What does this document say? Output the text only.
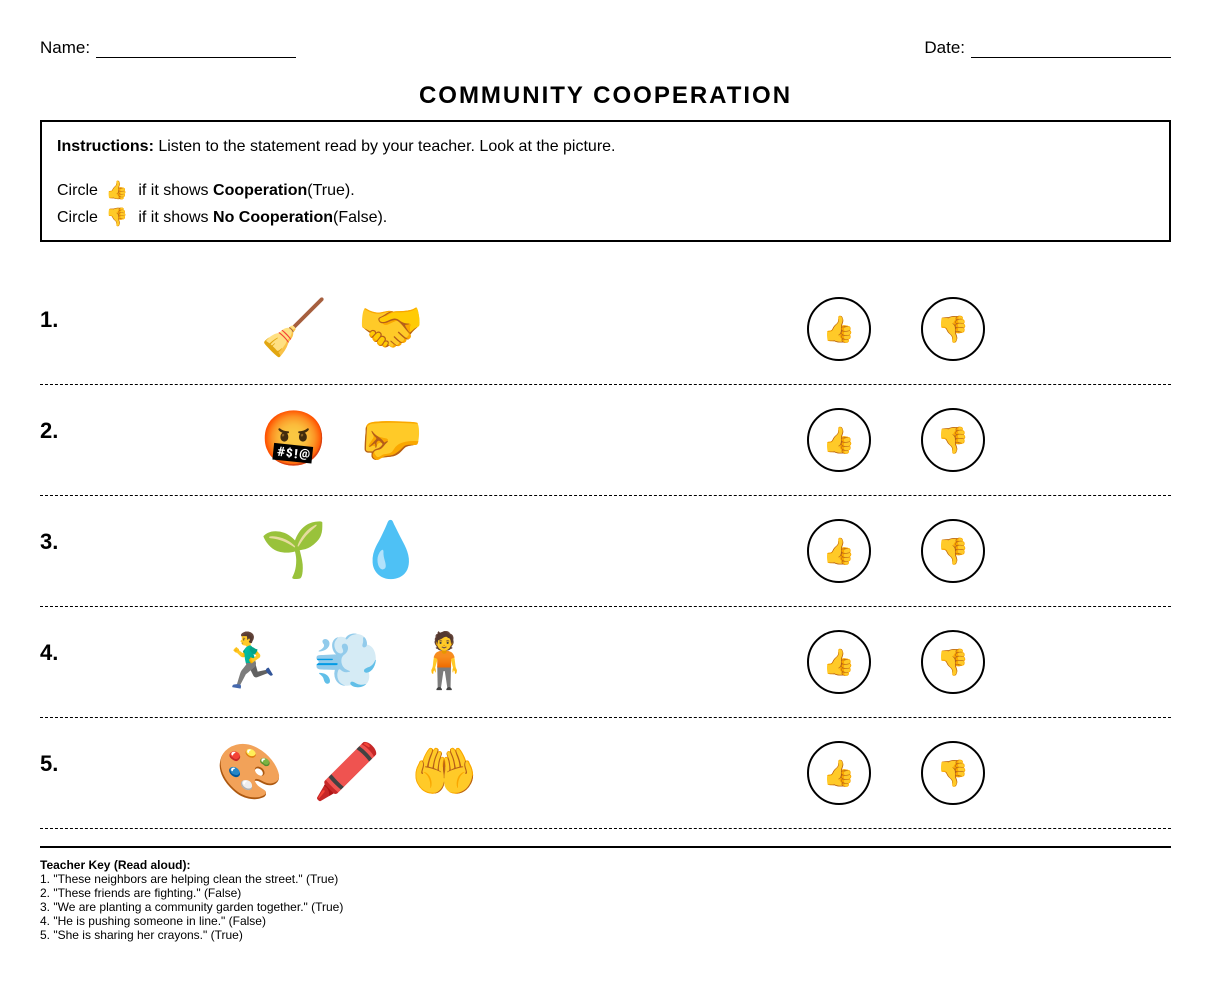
Name:	Date:
COMMUNITY COOPERATION
Instructions: Listen to the statement read by your teacher. Look at the picture.
Circle 👍 if it shows
Cooperation (True).
Circle 👎 if it shows
No Cooperation (False).
1.	🧹 🤝	👍	👎
2.	🤬 🤛	👍	👎
3.	🌱 💧	👍	👎
4.	🏃‍♂️ 💨 🧍	👍	👎
5.	🎨 🖍️ 🤲	👍	👎
Teacher Key (Read aloud):
1. "These neighbors are helping clean the street." (True)
2. "These friends are fighting." (False)
3. "We are planting a community garden together." (True)
4. "He is pushing someone in line." (False)
5. "She is sharing her crayons." (True)
